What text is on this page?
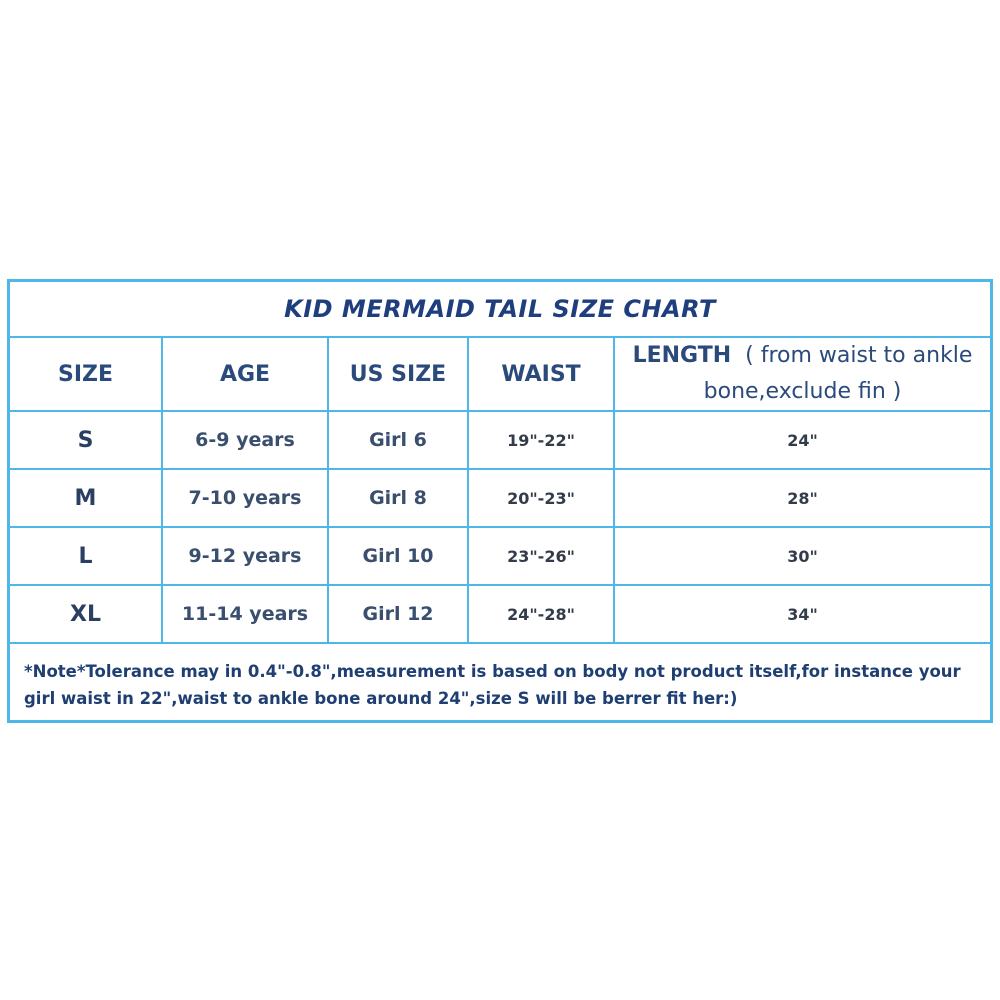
KID MERMAID TAIL SIZE CHART				
SIZE	AGE	US SIZE	WAIST	LENGTH ( from waist to ankle
bone,exclude fin )
S	6-9 years	Girl 6	19"-22"	24"
M	7-10 years	Girl 8	20"-23"	28"
L	9-12 years	Girl 10	23"-26"	30"
XL	11-14 years	Girl 12	24"-28"	34"
*Note*Tolerance may in 0.4"-0.8",measurement is based on body not product itself,for instance your girl waist in 22",waist to ankle bone around 24",size S will be berrer fit her:)				
